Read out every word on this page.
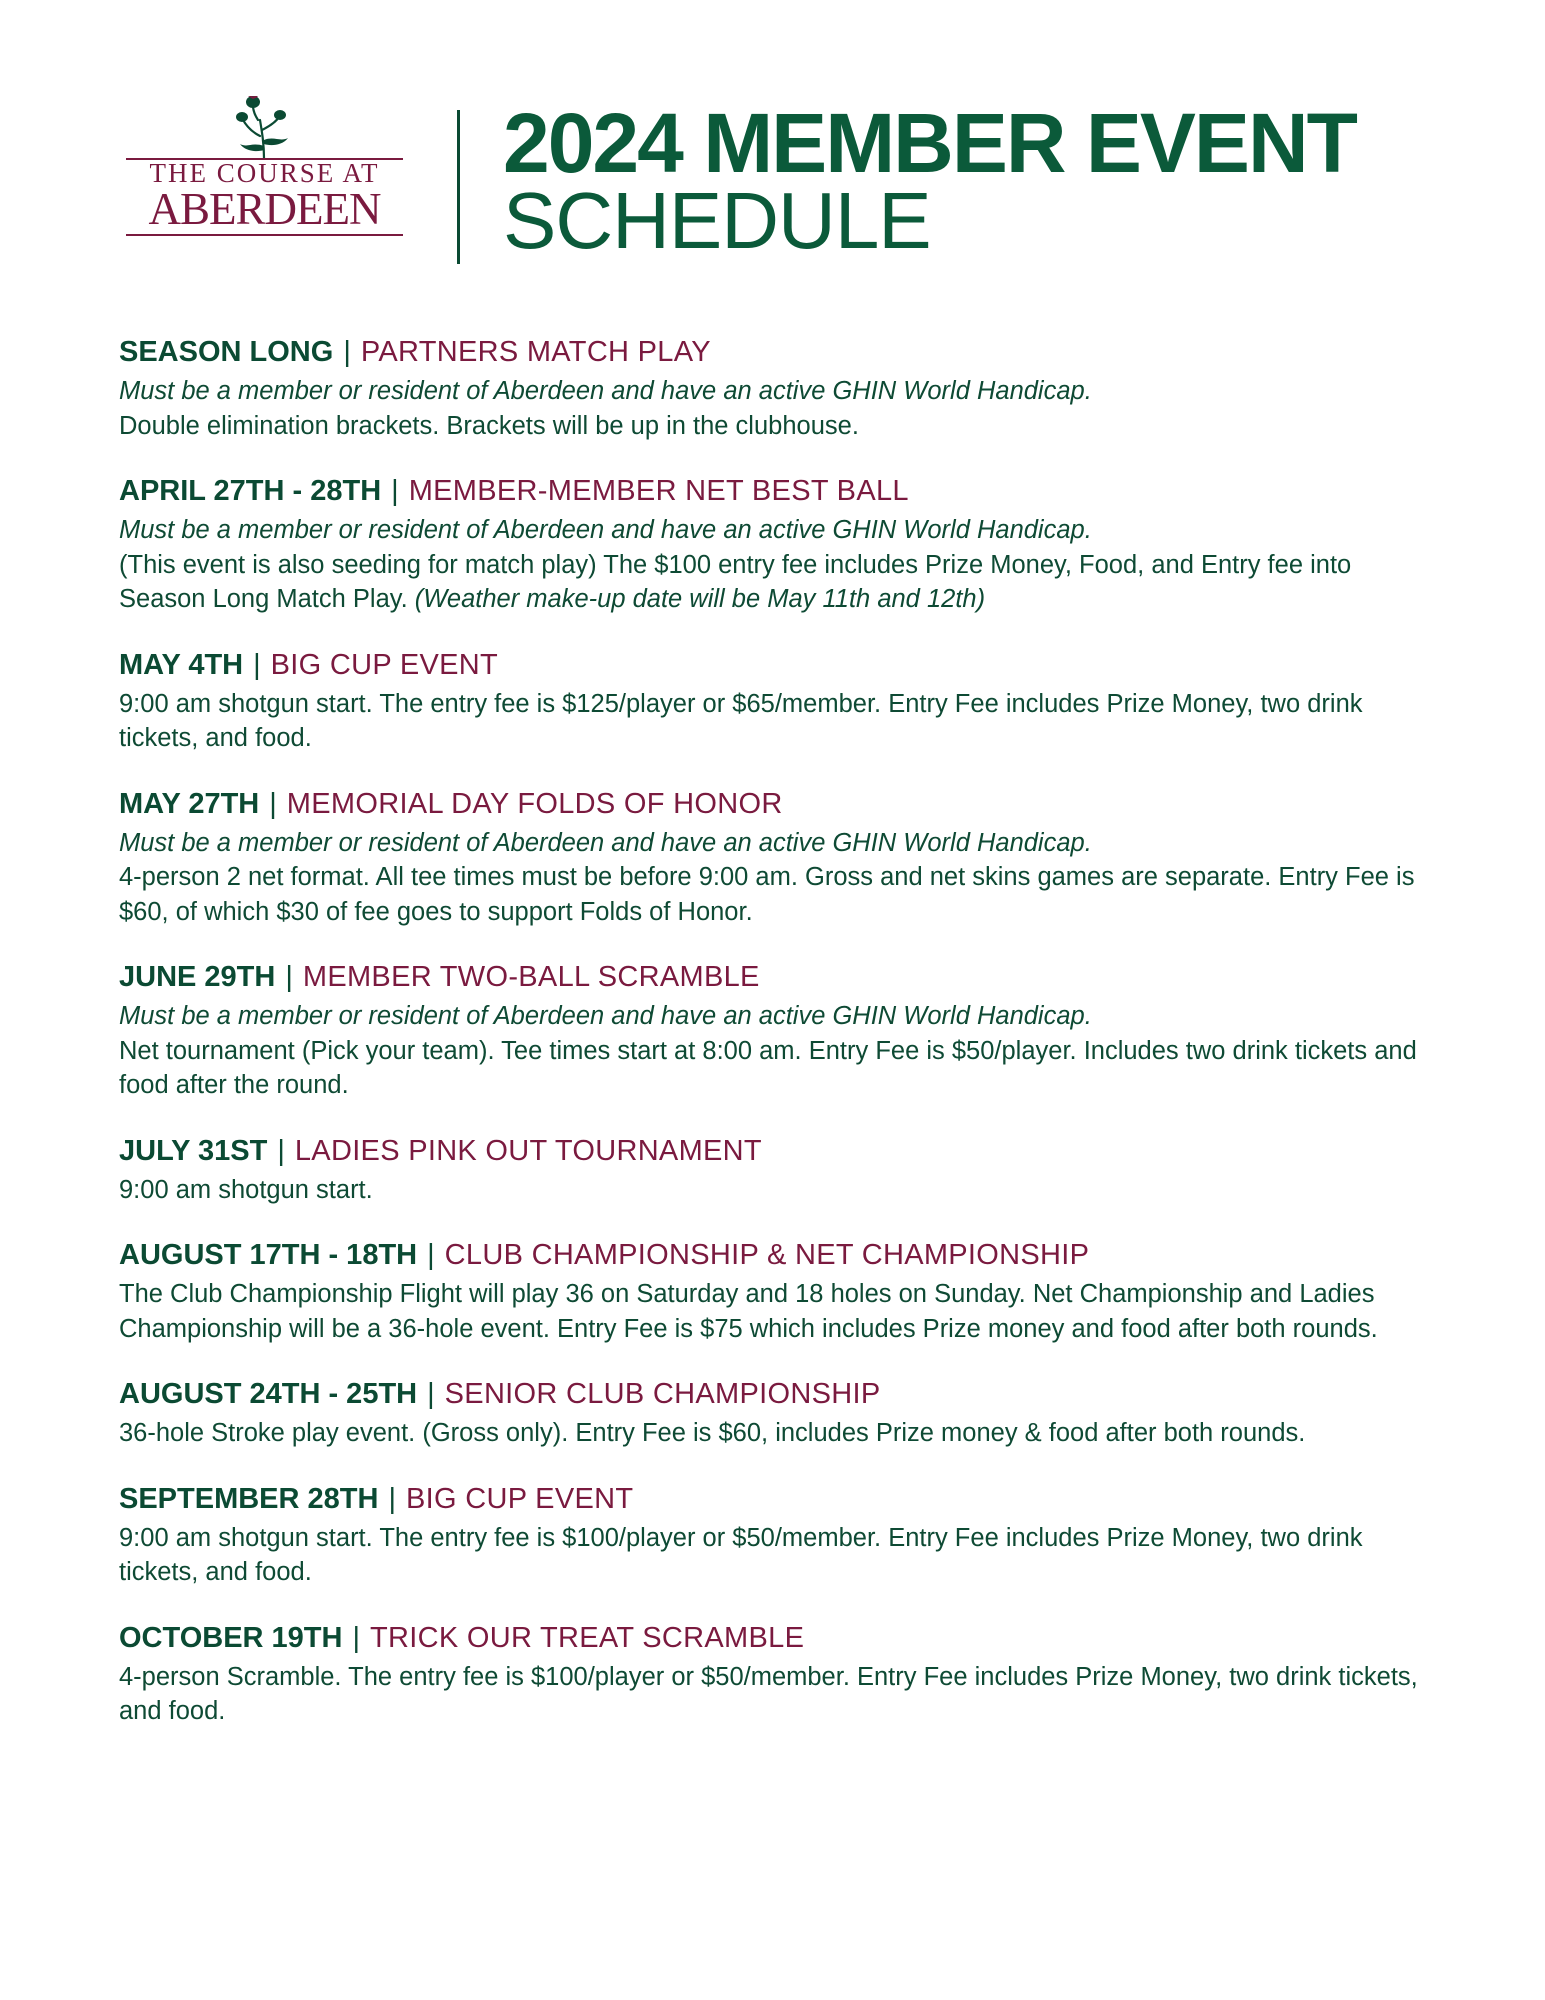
THE COURSE AT
ABERDEEN
2024 MEMBER EVENT
SCHEDULE
SEASON LONG | PARTNERS MATCH PLAY
Must be a member or resident of Aberdeen and have an active GHIN World Handicap.
Double elimination brackets. Brackets will be up in the clubhouse.
APRIL 27TH - 28TH | MEMBER-MEMBER NET BEST BALL
Must be a member or resident of Aberdeen and have an active GHIN World Handicap.
(This event is also seeding for match play) The $100 entry fee includes Prize Money, Food, and Entry fee into Season Long Match Play. (Weather make-up date will be May 11th and 12th)
MAY 4TH | BIG CUP EVENT
9:00 am shotgun start. The entry fee is $125/player or $65/member. Entry Fee includes Prize Money, two drink tickets, and food.
MAY 27TH | MEMORIAL DAY FOLDS OF HONOR
Must be a member or resident of Aberdeen and have an active GHIN World Handicap.
4-person 2 net format. All tee times must be before 9:00 am. Gross and net skins games are separate. Entry Fee is $60, of which $30 of fee goes to support Folds of Honor.
JUNE 29TH | MEMBER TWO-BALL SCRAMBLE
Must be a member or resident of Aberdeen and have an active GHIN World Handicap.
Net tournament (Pick your team). Tee times start at 8:00 am. Entry Fee is $50/player. Includes two drink tickets and food after the round.
JULY 31ST | LADIES PINK OUT TOURNAMENT
9:00 am shotgun start.
AUGUST 17TH - 18TH | CLUB CHAMPIONSHIP & NET CHAMPIONSHIP
The Club Championship Flight will play 36 on Saturday and 18 holes on Sunday. Net Championship and Ladies Championship will be a 36-hole event. Entry Fee is $75 which includes Prize money and food after both rounds.
AUGUST 24TH - 25TH | SENIOR CLUB CHAMPIONSHIP
36-hole Stroke play event. (Gross only). Entry Fee is $60, includes Prize money & food after both rounds.
SEPTEMBER 28TH | BIG CUP EVENT
9:00 am shotgun start. The entry fee is $100/player or $50/member. Entry Fee includes Prize Money, two drink tickets, and food.
OCTOBER 19TH | TRICK OUR TREAT SCRAMBLE
4-person Scramble. The entry fee is $100/player or $50/member. Entry Fee includes Prize Money, two drink tickets, and food.
